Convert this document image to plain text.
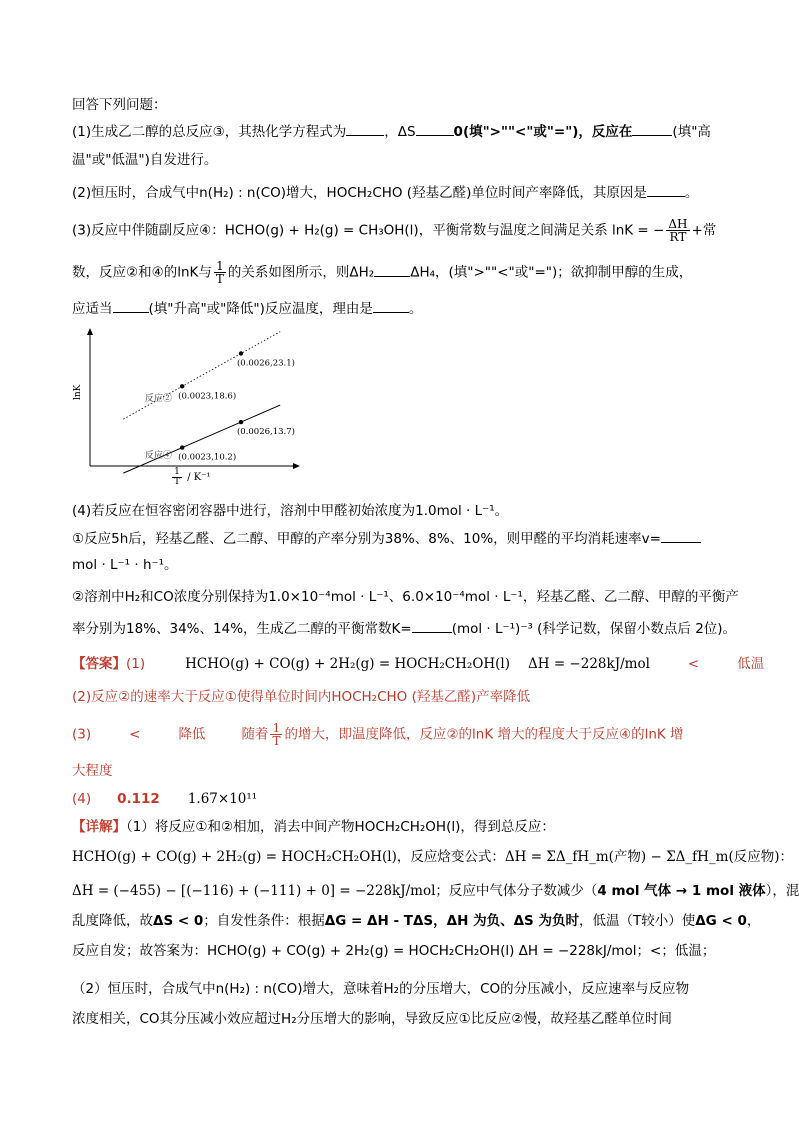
回答下列问题：
(1)生成乙二醇的总反应③，其热化学方程式为	，ΔS	0(填">""<"或"=")，反应在	(填"高
温"或"低温")自发进行。
(2)恒压时，合成气中n(H₂) : n(CO)增大，HOCH₂CHO (羟基乙醛)单位时间产率降低，其原因是	。
(3)反应中伴随副反应④：HCHO(g) + H₂(g) = CH₃OH(l)，平衡常数与温度之间满足关系 lnK = − $\frac{\Delta H}{RT}$ +常
数，反应②和④的lnK与 $\frac{1}{T}$ 的关系如图所示，则ΔH₂	ΔH₄，(填">""<"或"=")；欲抑制甲醇的生成，
应适当	(填"升高"或"降低")反应温度，理由是	。
lnK	反应② (0.0023,18.6)
(0.0026,23.1)
反应④ (0.0023,10.2)
(0.0026,13.7)
$\frac{1}{T} / K^{-1}$
(4)若反应在恒容密闭容器中进行，溶剂中甲醛初始浓度为1.0mol · L⁻¹。
①反应5h后，羟基乙醛、乙二醇、甲醇的产率分别为38%、8%、10%，则甲醛的平均消耗速率v=
mol · L⁻¹ · h⁻¹。
②溶剂中H₂和CO浓度分别保持为1.0×10⁻⁴mol · L⁻¹、6.0×10⁻⁴mol · L⁻¹，羟基乙醛、乙二醇、甲醇的平衡产
率分别为18%、34%、14%，生成乙二醇的平衡常数K=	(mol · L⁻¹)⁻³ (科学记数，保留小数点后 2位)。
【答案】(1)	HCHO(g) + CO(g) + 2H₂(g) = HOCH₂CH₂OH(l) ΔH = −228kJ/mol	<	低温
(2)反应②的速率大于反应①使得单位时间内HOCH₂CHO (羟基乙醛)产率降低
(3)	<	降低	随着 $\frac{1}{T}$ 的增大，即温度降低，反应②的lnK 增大的程度大于反应④的lnK 增
大程度
(4) 0.112 1.67×10¹¹
【详解】（1）将反应①和②相加，消去中间产物HOCH₂CH₂OH(l)，得到总反应：
HCHO(g) + CO(g) + 2H₂(g) = HOCH₂CH₂OH(l)，反应焓变公式：ΔH = ΣΔ_fH_m(产物) − ΣΔ_fH_m(反应物)：
ΔH = (−455) − [(−116) + (−111) + 0] = −228kJ/mol；反应中气体分子数减少（4 mol 气体 → 1 mol 液体），混
乱度降低，故ΔS < 0；自发性条件：根据ΔG = ΔH - TΔS，ΔH 为负、ΔS 为负时，低温（T较小）使ΔG < 0，
反应自发；故答案为：HCHO(g) + CO(g) + 2H₂(g) = HOCH₂CH₂OH(l) ΔH = −228kJ/mol；<；低温；
（2）恒压时，合成气中n(H₂) : n(CO)增大，意味着H₂的分压增大，CO的分压减小，反应速率与反应物
浓度相关，CO其分压减小效应超过H₂分压增大的影响，导致反应①比反应②慢，故羟基乙醛单位时间
